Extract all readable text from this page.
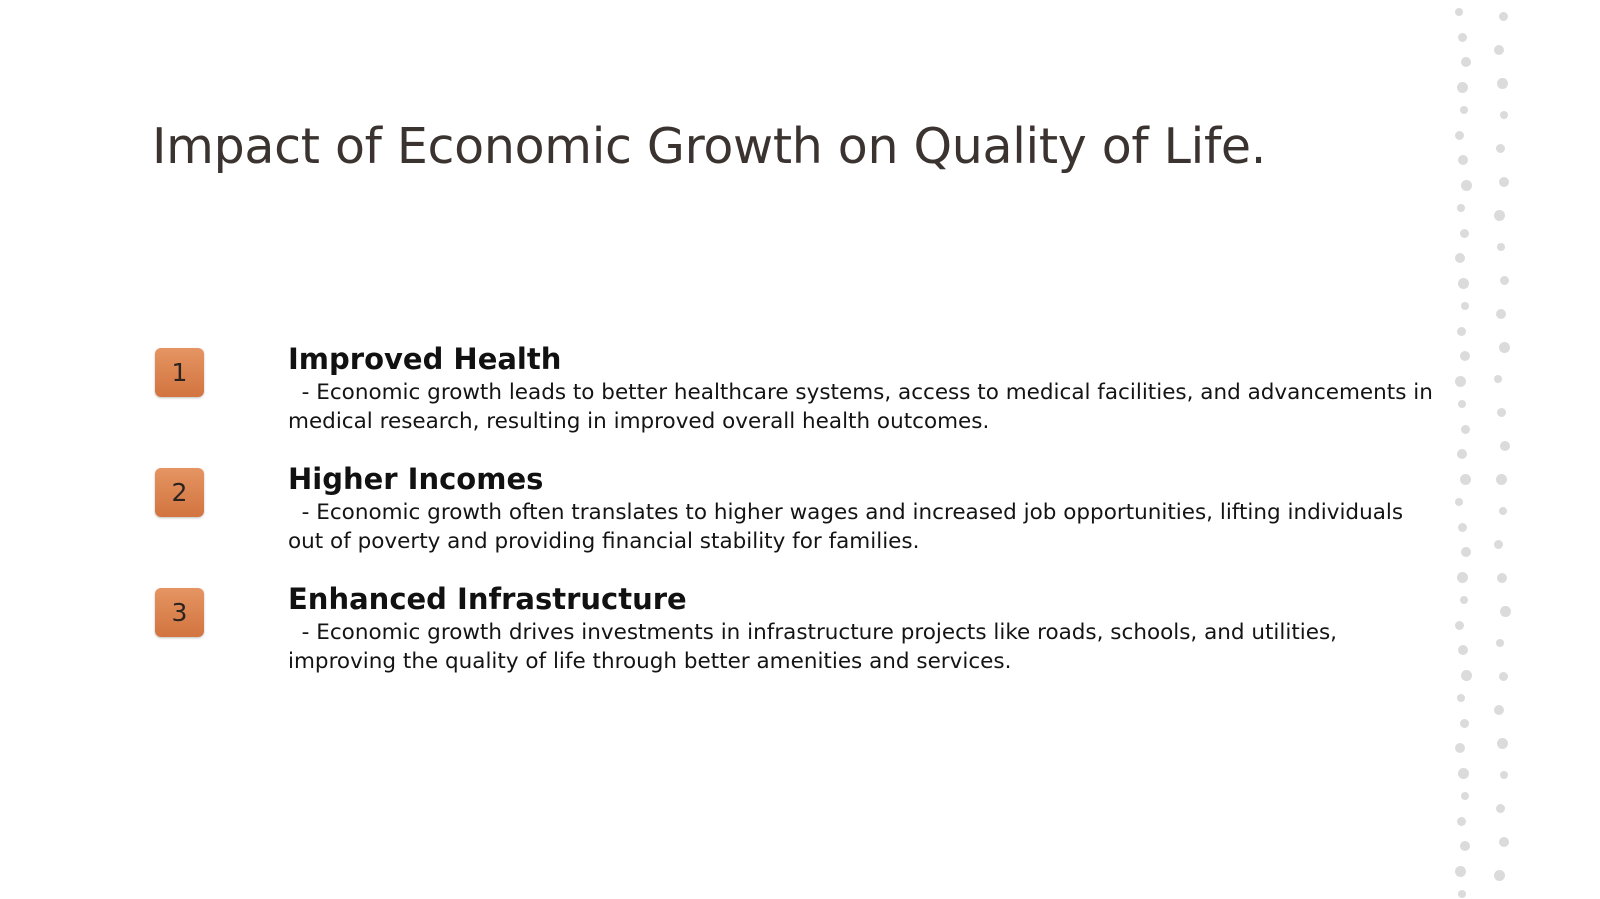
Impact of Economic Growth on Quality of Life.
1	Improved Health
- Economic growth leads to better healthcare systems, access to medical facilities, and advancements in medical research, resulting in improved overall health outcomes.
2	Higher Incomes
- Economic growth often translates to higher wages and increased job opportunities, lifting individuals out of poverty and providing financial stability for families.
3	Enhanced Infrastructure
- Economic growth drives investments in infrastructure projects like roads, schools, and utilities, improving the quality of life through better amenities and services.
